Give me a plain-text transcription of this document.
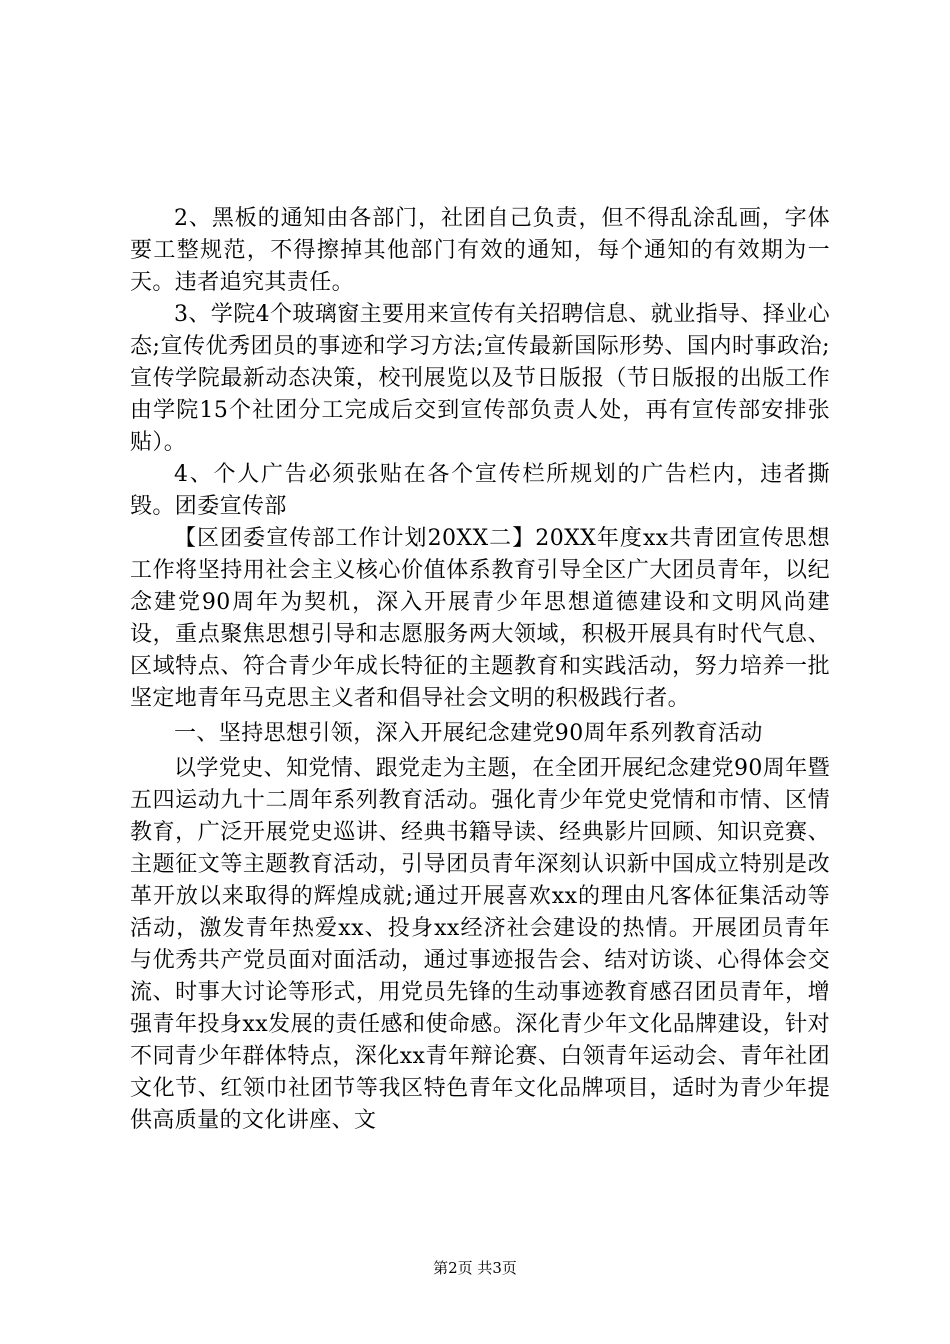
2、黑板的通知由各部门，社团自己负责，但不得乱涂乱画，字体要工整规范，不得擦掉其他部门有效的通知，每个通知的有效期为一天。违者追究其责任。

3、学院4个玻璃窗主要用来宣传有关招聘信息、就业指导、择业心态;宣传优秀团员的事迹和学习方法;宣传最新国际形势、国内时事政治;宣传学院最新动态决策，校刊展览以及节日版报（节日版报的出版工作由学院15个社团分工完成后交到宣传部负责人处，再有宣传部安排张贴）。

4、个人广告必须张贴在各个宣传栏所规划的广告栏内，违者撕毁。团委宣传部

【区团委宣传部工作计划20XX二】20XX年度xx共青团宣传思想工作将坚持用社会主义核心价值体系教育引导全区广大团员青年，以纪念建党90周年为契机，深入开展青少年思想道德建设和文明风尚建设，重点聚焦思想引导和志愿服务两大领域，积极开展具有时代气息、区域特点、符合青少年成长特征的主题教育和实践活动，努力培养一批坚定地青年马克思主义者和倡导社会文明的积极践行者。

一、坚持思想引领，深入开展纪念建党90周年系列教育活动

以学党史、知党情、跟党走为主题，在全团开展纪念建党90周年暨五四运动九十二周年系列教育活动。强化青少年党史党情和市情、区情教育，广泛开展党史巡讲、经典书籍导读、经典影片回顾、知识竞赛、主题征文等主题教育活动，引导团员青年深刻认识新中国成立特别是改革开放以来取得的辉煌成就;通过开展喜欢xx的理由凡客体征集活动等活动，激发青年热爱xx、投身xx经济社会建设的热情。开展团员青年与优秀共产党员面对面活动，通过事迹报告会、结对访谈、心得体会交流、时事大讨论等形式，用党员先锋的生动事迹教育感召团员青年，增强青年投身xx发展的责任感和使命感。深化青少年文化品牌建设，针对不同青少年群体特点，深化xx青年辩论赛、白领青年运动会、青年社团文化节、红领巾社团节等我区特色青年文化品牌项目，适时为青少年提供高质量的文化讲座、文

第2页 共3页
